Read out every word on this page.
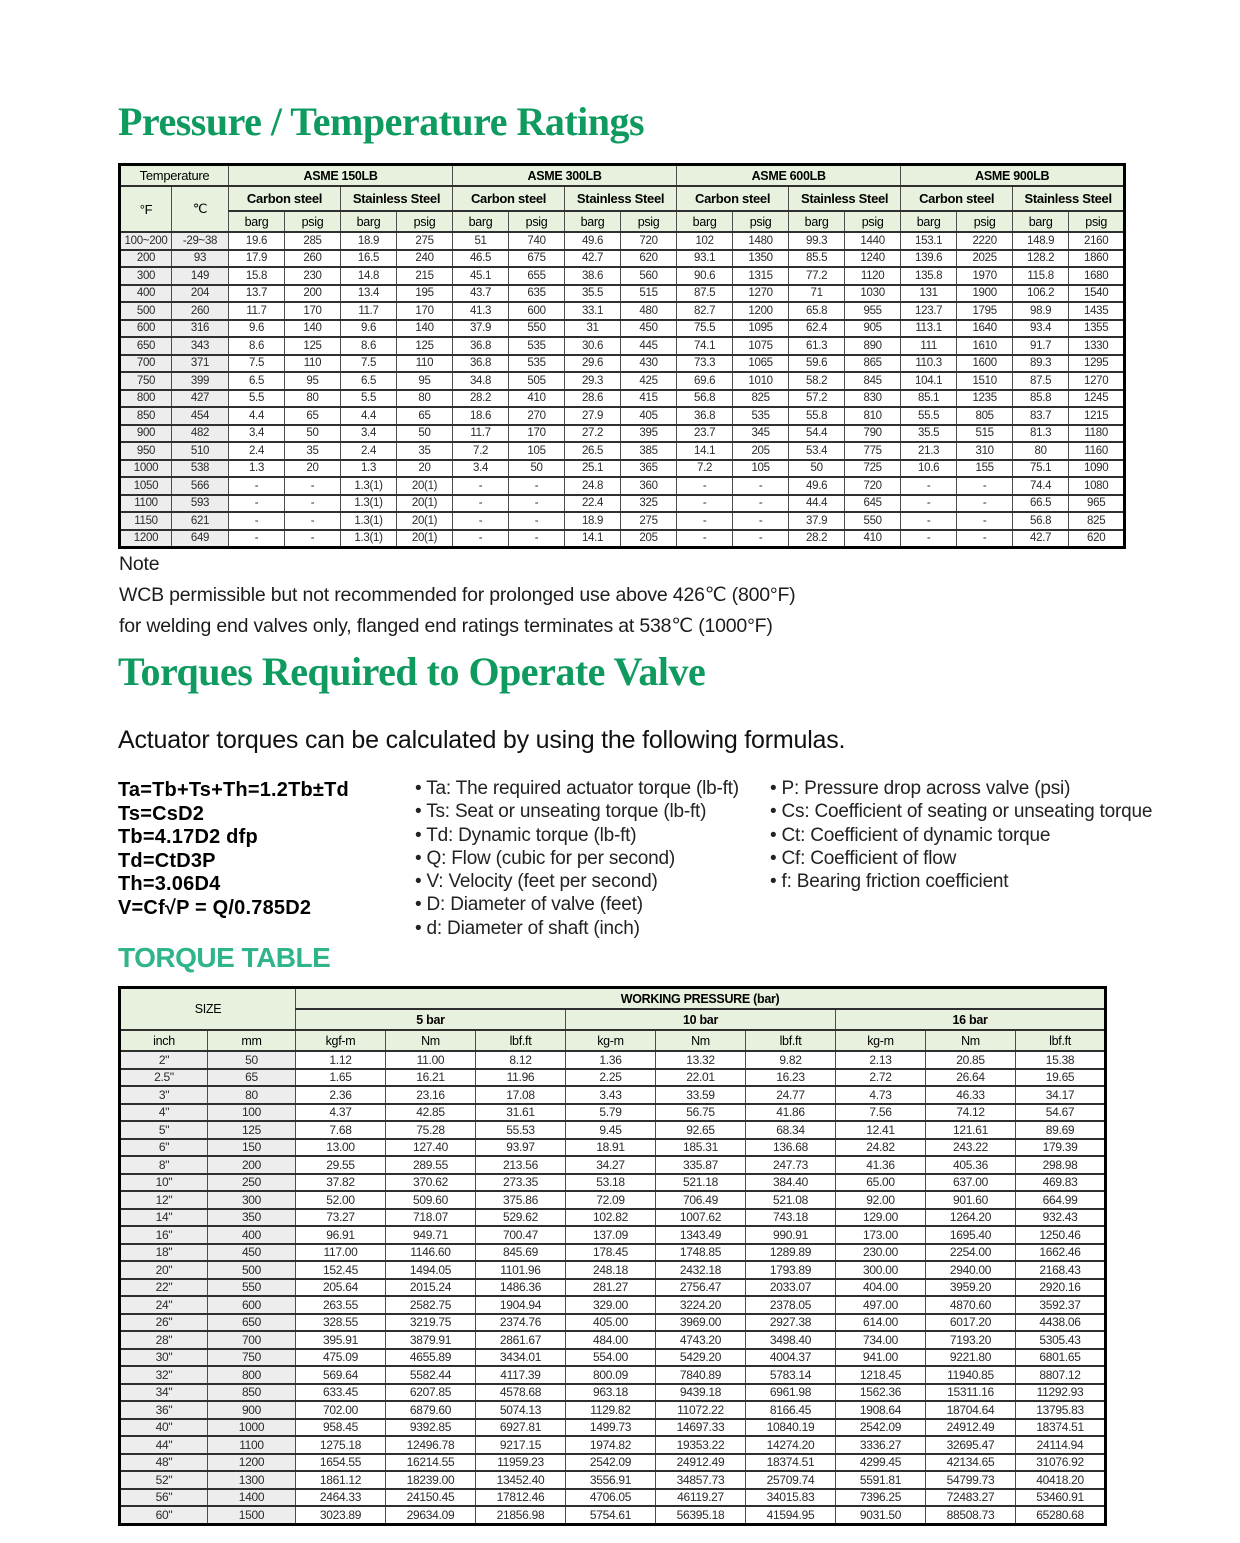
Pressure / Temperature Ratings
Temperature		ASME 150LB				ASME 300LB				ASME 600LB				ASME 900LB			
°F	℃	Carbon steel		Stainless Steel		Carbon steel		Stainless Steel		Carbon steel		Stainless Steel		Carbon steel		Stainless Steel	
		barg	psig	barg	psig	barg	psig	barg	psig	barg	psig	barg	psig	barg	psig	barg	psig
100~200	-29~38	19.6	285	18.9	275	51	740	49.6	720	102	1480	99.3	1440	153.1	2220	148.9	2160
200	93	17.9	260	16.5	240	46.5	675	42.7	620	93.1	1350	85.5	1240	139.6	2025	128.2	1860
300	149	15.8	230	14.8	215	45.1	655	38.6	560	90.6	1315	77.2	1120	135.8	1970	115.8	1680
400	204	13.7	200	13.4	195	43.7	635	35.5	515	87.5	1270	71	1030	131	1900	106.2	1540
500	260	11.7	170	11.7	170	41.3	600	33.1	480	82.7	1200	65.8	955	123.7	1795	98.9	1435
600	316	9.6	140	9.6	140	37.9	550	31	450	75.5	1095	62.4	905	113.1	1640	93.4	1355
650	343	8.6	125	8.6	125	36.8	535	30.6	445	74.1	1075	61.3	890	111	1610	91.7	1330
700	371	7.5	110	7.5	110	36.8	535	29.6	430	73.3	1065	59.6	865	110.3	1600	89.3	1295
750	399	6.5	95	6.5	95	34.8	505	29.3	425	69.6	1010	58.2	845	104.1	1510	87.5	1270
800	427	5.5	80	5.5	80	28.2	410	28.6	415	56.8	825	57.2	830	85.1	1235	85.8	1245
850	454	4.4	65	4.4	65	18.6	270	27.9	405	36.8	535	55.8	810	55.5	805	83.7	1215
900	482	3.4	50	3.4	50	11.7	170	27.2	395	23.7	345	54.4	790	35.5	515	81.3	1180
950	510	2.4	35	2.4	35	7.2	105	26.5	385	14.1	205	53.4	775	21.3	310	80	1160
1000	538	1.3	20	1.3	20	3.4	50	25.1	365	7.2	105	50	725	10.6	155	75.1	1090
1050	566	-	-	1.3(1)	20(1)	-	-	24.8	360	-	-	49.6	720	-	-	74.4	1080
1100	593	-	-	1.3(1)	20(1)	-	-	22.4	325	-	-	44.4	645	-	-	66.5	965
1150	621	-	-	1.3(1)	20(1)	-	-	18.9	275	-	-	37.9	550	-	-	56.8	825
1200	649	-	-	1.3(1)	20(1)	-	-	14.1	205	-	-	28.2	410	-	-	42.7	620
Note
WCB permissible but not recommended for prolonged use above 426℃ (800°F)
for welding end valves only, flanged end ratings terminates at 538℃ (1000°F)
Torques Required to Operate Valve
Actuator torques can be calculated by using the following formulas.
Ta=Tb+Ts+Th=1.2Tb±Td
Ts=CsD2
Tb=4.17D2 dfp
Td=CtD3P
Th=3.06D4
V=Cf√P = Q/0.785D2
• Ta: The required actuator torque (lb-ft)
• Ts: Seat or unseating torque (lb-ft)
• Td: Dynamic torque (lb-ft)
• Q: Flow (cubic for per second)
• V: Velocity (feet per second)
• D: Diameter of valve (feet)
• d: Diameter of shaft (inch)
• P: Pressure drop across valve (psi)
• Cs: Coefficient of seating or unseating torque
• Ct: Coefficient of dynamic torque
• Cf: Coefficient of flow
• f: Bearing friction coefficient
TORQUE TABLE
SIZE		WORKING PRESSURE (bar)								
		5 bar			10 bar			16 bar		
inch	mm	kgf-m	Nm	lbf.ft	kg-m	Nm	lbf.ft	kg-m	Nm	lbf.ft
2"	50	1.12	11.00	8.12	1.36	13.32	9.82	2.13	20.85	15.38
2.5"	65	1.65	16.21	11.96	2.25	22.01	16.23	2.72	26.64	19.65
3"	80	2.36	23.16	17.08	3.43	33.59	24.77	4.73	46.33	34.17
4"	100	4.37	42.85	31.61	5.79	56.75	41.86	7.56	74.12	54.67
5"	125	7.68	75.28	55.53	9.45	92.65	68.34	12.41	121.61	89.69
6"	150	13.00	127.40	93.97	18.91	185.31	136.68	24.82	243.22	179.39
8"	200	29.55	289.55	213.56	34.27	335.87	247.73	41.36	405.36	298.98
10"	250	37.82	370.62	273.35	53.18	521.18	384.40	65.00	637.00	469.83
12"	300	52.00	509.60	375.86	72.09	706.49	521.08	92.00	901.60	664.99
14"	350	73.27	718.07	529.62	102.82	1007.62	743.18	129.00	1264.20	932.43
16"	400	96.91	949.71	700.47	137.09	1343.49	990.91	173.00	1695.40	1250.46
18"	450	117.00	1146.60	845.69	178.45	1748.85	1289.89	230.00	2254.00	1662.46
20"	500	152.45	1494.05	1101.96	248.18	2432.18	1793.89	300.00	2940.00	2168.43
22"	550	205.64	2015.24	1486.36	281.27	2756.47	2033.07	404.00	3959.20	2920.16
24"	600	263.55	2582.75	1904.94	329.00	3224.20	2378.05	497.00	4870.60	3592.37
26"	650	328.55	3219.75	2374.76	405.00	3969.00	2927.38	614.00	6017.20	4438.06
28"	700	395.91	3879.91	2861.67	484.00	4743.20	3498.40	734.00	7193.20	5305.43
30"	750	475.09	4655.89	3434.01	554.00	5429.20	4004.37	941.00	9221.80	6801.65
32"	800	569.64	5582.44	4117.39	800.09	7840.89	5783.14	1218.45	11940.85	8807.12
34"	850	633.45	6207.85	4578.68	963.18	9439.18	6961.98	1562.36	15311.16	11292.93
36"	900	702.00	6879.60	5074.13	1129.82	11072.22	8166.45	1908.64	18704.64	13795.83
40"	1000	958.45	9392.85	6927.81	1499.73	14697.33	10840.19	2542.09	24912.49	18374.51
44"	1100	1275.18	12496.78	9217.15	1974.82	19353.22	14274.20	3336.27	32695.47	24114.94
48"	1200	1654.55	16214.55	11959.23	2542.09	24912.49	18374.51	4299.45	42134.65	31076.92
52"	1300	1861.12	18239.00	13452.40	3556.91	34857.73	25709.74	5591.81	54799.73	40418.20
56"	1400	2464.33	24150.45	17812.46	4706.05	46119.27	34015.83	7396.25	72483.27	53460.91
60"	1500	3023.89	29634.09	21856.98	5754.61	56395.18	41594.95	9031.50	88508.73	65280.68
